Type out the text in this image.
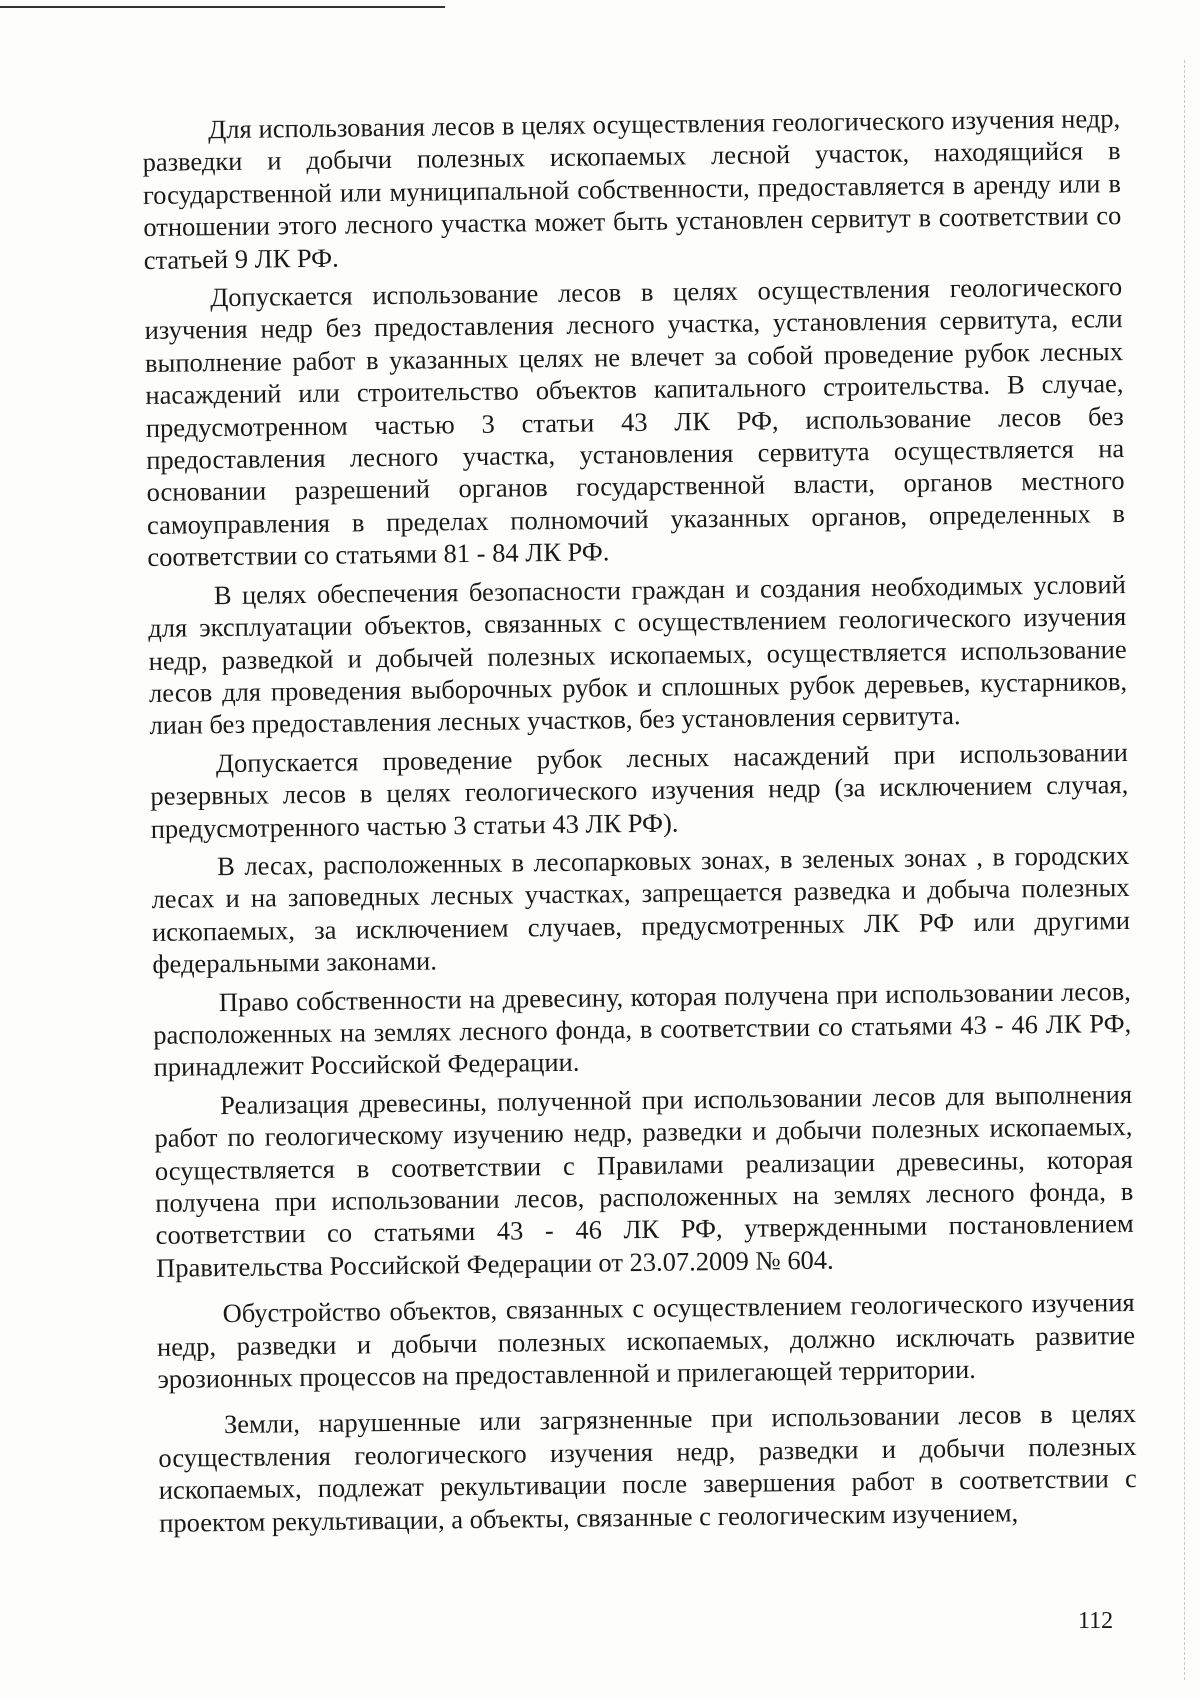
Для использования лесов в целях осуществления геологического изучения недр, разведки и добычи полезных ископаемых лесной участок, находящийся в государственной или муниципальной собственности, предоставляется в аренду или в отношении этого лесного участка может быть установлен сервитут в соответствии со статьей 9 ЛК РФ.

Допускается использование лесов в целях осуществления геологического изучения недр без предоставления лесного участка, установления сервитута, если выполнение работ в указанных целях не влечет за собой проведение рубок лесных насаждений или строительство объектов капитального строительства. В случае, предусмотренном частью 3 статьи 43 ЛК РФ, использование лесов без предоставления лесного участка, установления сервитута осуществляется на основании разрешений органов государственной власти, органов местного самоуправления в пределах полномочий указанных органов, определенных в соответствии со статьями 81 - 84 ЛК РФ.

В целях обеспечения безопасности граждан и создания необходимых условий для эксплуатации объектов, связанных с осуществлением геологического изучения недр, разведкой и добычей полезных ископаемых, осуществляется использование лесов для проведения выборочных рубок и сплошных рубок деревьев, кустарников, лиан без предоставления лесных участков, без установления сервитута.

Допускается проведение рубок лесных насаждений при использовании резервных лесов в целях геологического изучения недр (за исключением случая, предусмотренного частью 3 статьи 43 ЛК РФ).

В лесах, расположенных в лесопарковых зонах, в зеленых зонах , в городских лесах и на заповедных лесных участках, запрещается разведка и добыча полезных ископаемых, за исключением случаев, предусмотренных ЛК РФ или другими федеральными законами.

Право собственности на древесину, которая получена при использовании лесов, расположенных на землях лесного фонда, в соответствии со статьями 43 - 46 ЛК РФ, принадлежит Российской Федерации.

Реализация древесины, полученной при использовании лесов для выполнения работ по геологическому изучению недр, разведки и добычи полезных ископаемых, осуществляется в соответствии с Правилами реализации древесины, которая получена при использовании лесов, расположенных на землях лесного фонда, в соответствии со статьями 43 - 46 ЛК РФ, утвержденными постановлением Правительства Российской Федерации от 23.07.2009 № 604.

Обустройство объектов, связанных с осуществлением геологического изучения недр, разведки и добычи полезных ископаемых, должно исключать развитие эрозионных процессов на предоставленной и прилегающей территории.

Земли, нарушенные или загрязненные при использовании лесов в целях осуществления геологического изучения недр, разведки и добычи полезных ископаемых, подлежат рекультивации после завершения работ в соответствии с проектом рекультивации, а объекты, связанные с геологическим изучением,

112
